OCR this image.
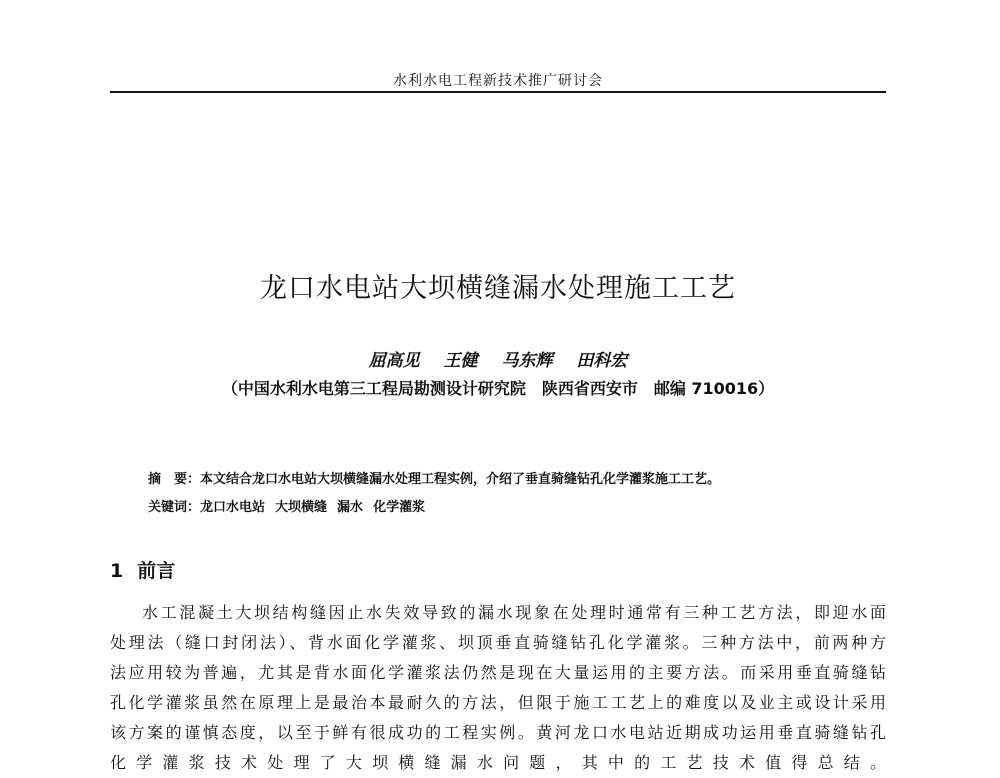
水利水电工程新技术推广研讨会
龙口水电站大坝横缝漏水处理施工工艺
屈高见 王健 马东辉 田科宏
（中国水利水电第三工程局勘测设计研究院　陕西省西安市　邮编 710016）
摘　要：本文结合龙口水电站大坝横缝漏水处理工程实例，介绍了垂直骑缝钻孔化学灌浆施工工艺。
关键词：龙口水电站 大坝横缝 漏水 化学灌浆
1 前言
水工混凝土大坝结构缝因止水失效导致的漏水现象在处理时通常有三种工艺方法，即迎水面
处理法（缝口封闭法）、背水面化学灌浆、坝顶垂直骑缝钻孔化学灌浆。三种方法中，前两种方
法应用较为普遍，尤其是背水面化学灌浆法仍然是现在大量运用的主要方法。而采用垂直骑缝钻
孔化学灌浆虽然在原理上是最治本最耐久的方法，但限于施工工艺上的难度以及业主或设计采用
该方案的谨慎态度，以至于鲜有很成功的工程实例。黄河龙口水电站近期成功运用垂直骑缝钻孔
化学灌浆技术处理了大坝横缝漏水问题，其中的工艺技术值得总结。
